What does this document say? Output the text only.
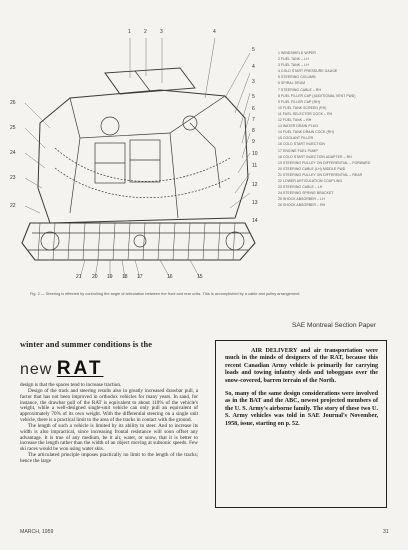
1	2	3	4
5
4
3
5
6
7
8
9
10
11
12
13
14
26
25
24
23
22
21 20 19 18 17	16	15
1 WINDSHIELD WIPER
2 FUEL TANK – LH
3 FUEL TANK – LH
4 COLD START PRESSURE GAUGE
5 STEERING COLUMN
6 SPIRAL DRUM
7 STEERING CABLE – RH
8 FUEL FILLER CAP (ADDITIONAL VENT FWD)
9 FUEL FILLER CAP (RH)
10 FUEL TANK SCREEN (RH)
11 FUEL SELECTOR COCK – RH
12 FUEL TANK – RH
13 WATER DRAIN PLUG
14 FUEL TANK DRAIN COCK (RH)
15 COOLANT FILLER
16 COLD START INJECTION
17 ENGINE FUEL PUMP
18 COLD START INJECTION ADAPTER – RH
19 STEERING PULLEY ON DIFFERENTIAL – FORWARD
20 STEERING CABLE (LH) MIDDLE FWD
21 STEERING PULLEY ON DIFFERENTIAL – REAR
22 LOWER ARTICULATION COUPLING
23 STEERING CABLE – LH
24 STEERING SPRING BRACKET
25 SHOCK ABSORBER – LH
26 SHOCK ABSORBER – RH
Fig. 2 — Steering is effected by controlling the angle of articulation between the front and rear units. This is accomplished by a cable and pulley arrangement.
SAE Montreal Section Paper
winter and summer conditions is the
new RAT

design is that the spaces tend to increase traction.

Design of the track and steering results also in greatly increased drawbar pull, a factor that has not been improved in orthodox vehicles for many years. In sand, for instance, the drawbar pull of the RAT is equivalent to about 110% of the vehicle's weight, while a well-designed single-unit vehicle can only pull an equivalent of approximately 70% of its own weight. With the differential steering on a single unit vehicle, there is a practical limit to the area of the tracks in contact with the ground.

The length of such a vehicle is limited by its ability to steer. And to increase its width is also impractical, since increasing frontal resistance will soon offset any advantage. It is true of any medium, be it air, water, or snow, that it is better to increase the length rather than the width of an object moving at subsonic speeds. Few ski races would be won using water skis.

The articulated principle imposes practically no limit to the length of the tracks; hence the large

AIR DELIVERY and air transportation were much in the minds of designers of the RAT, because this recent Canadian Army vehicle is primarily for carrying loads and towing infantry sleds and toboggans over the snow-covered, barren terrain of the North.

So, many of the same design considerations were involved as in the BAT and the ABC, newest projected members of the U. S. Army's airborne family. The story of these two U. S. Army vehicles was told in SAE Journal's November, 1958, issue, starting on p. 52.

MARCH, 1959	31
